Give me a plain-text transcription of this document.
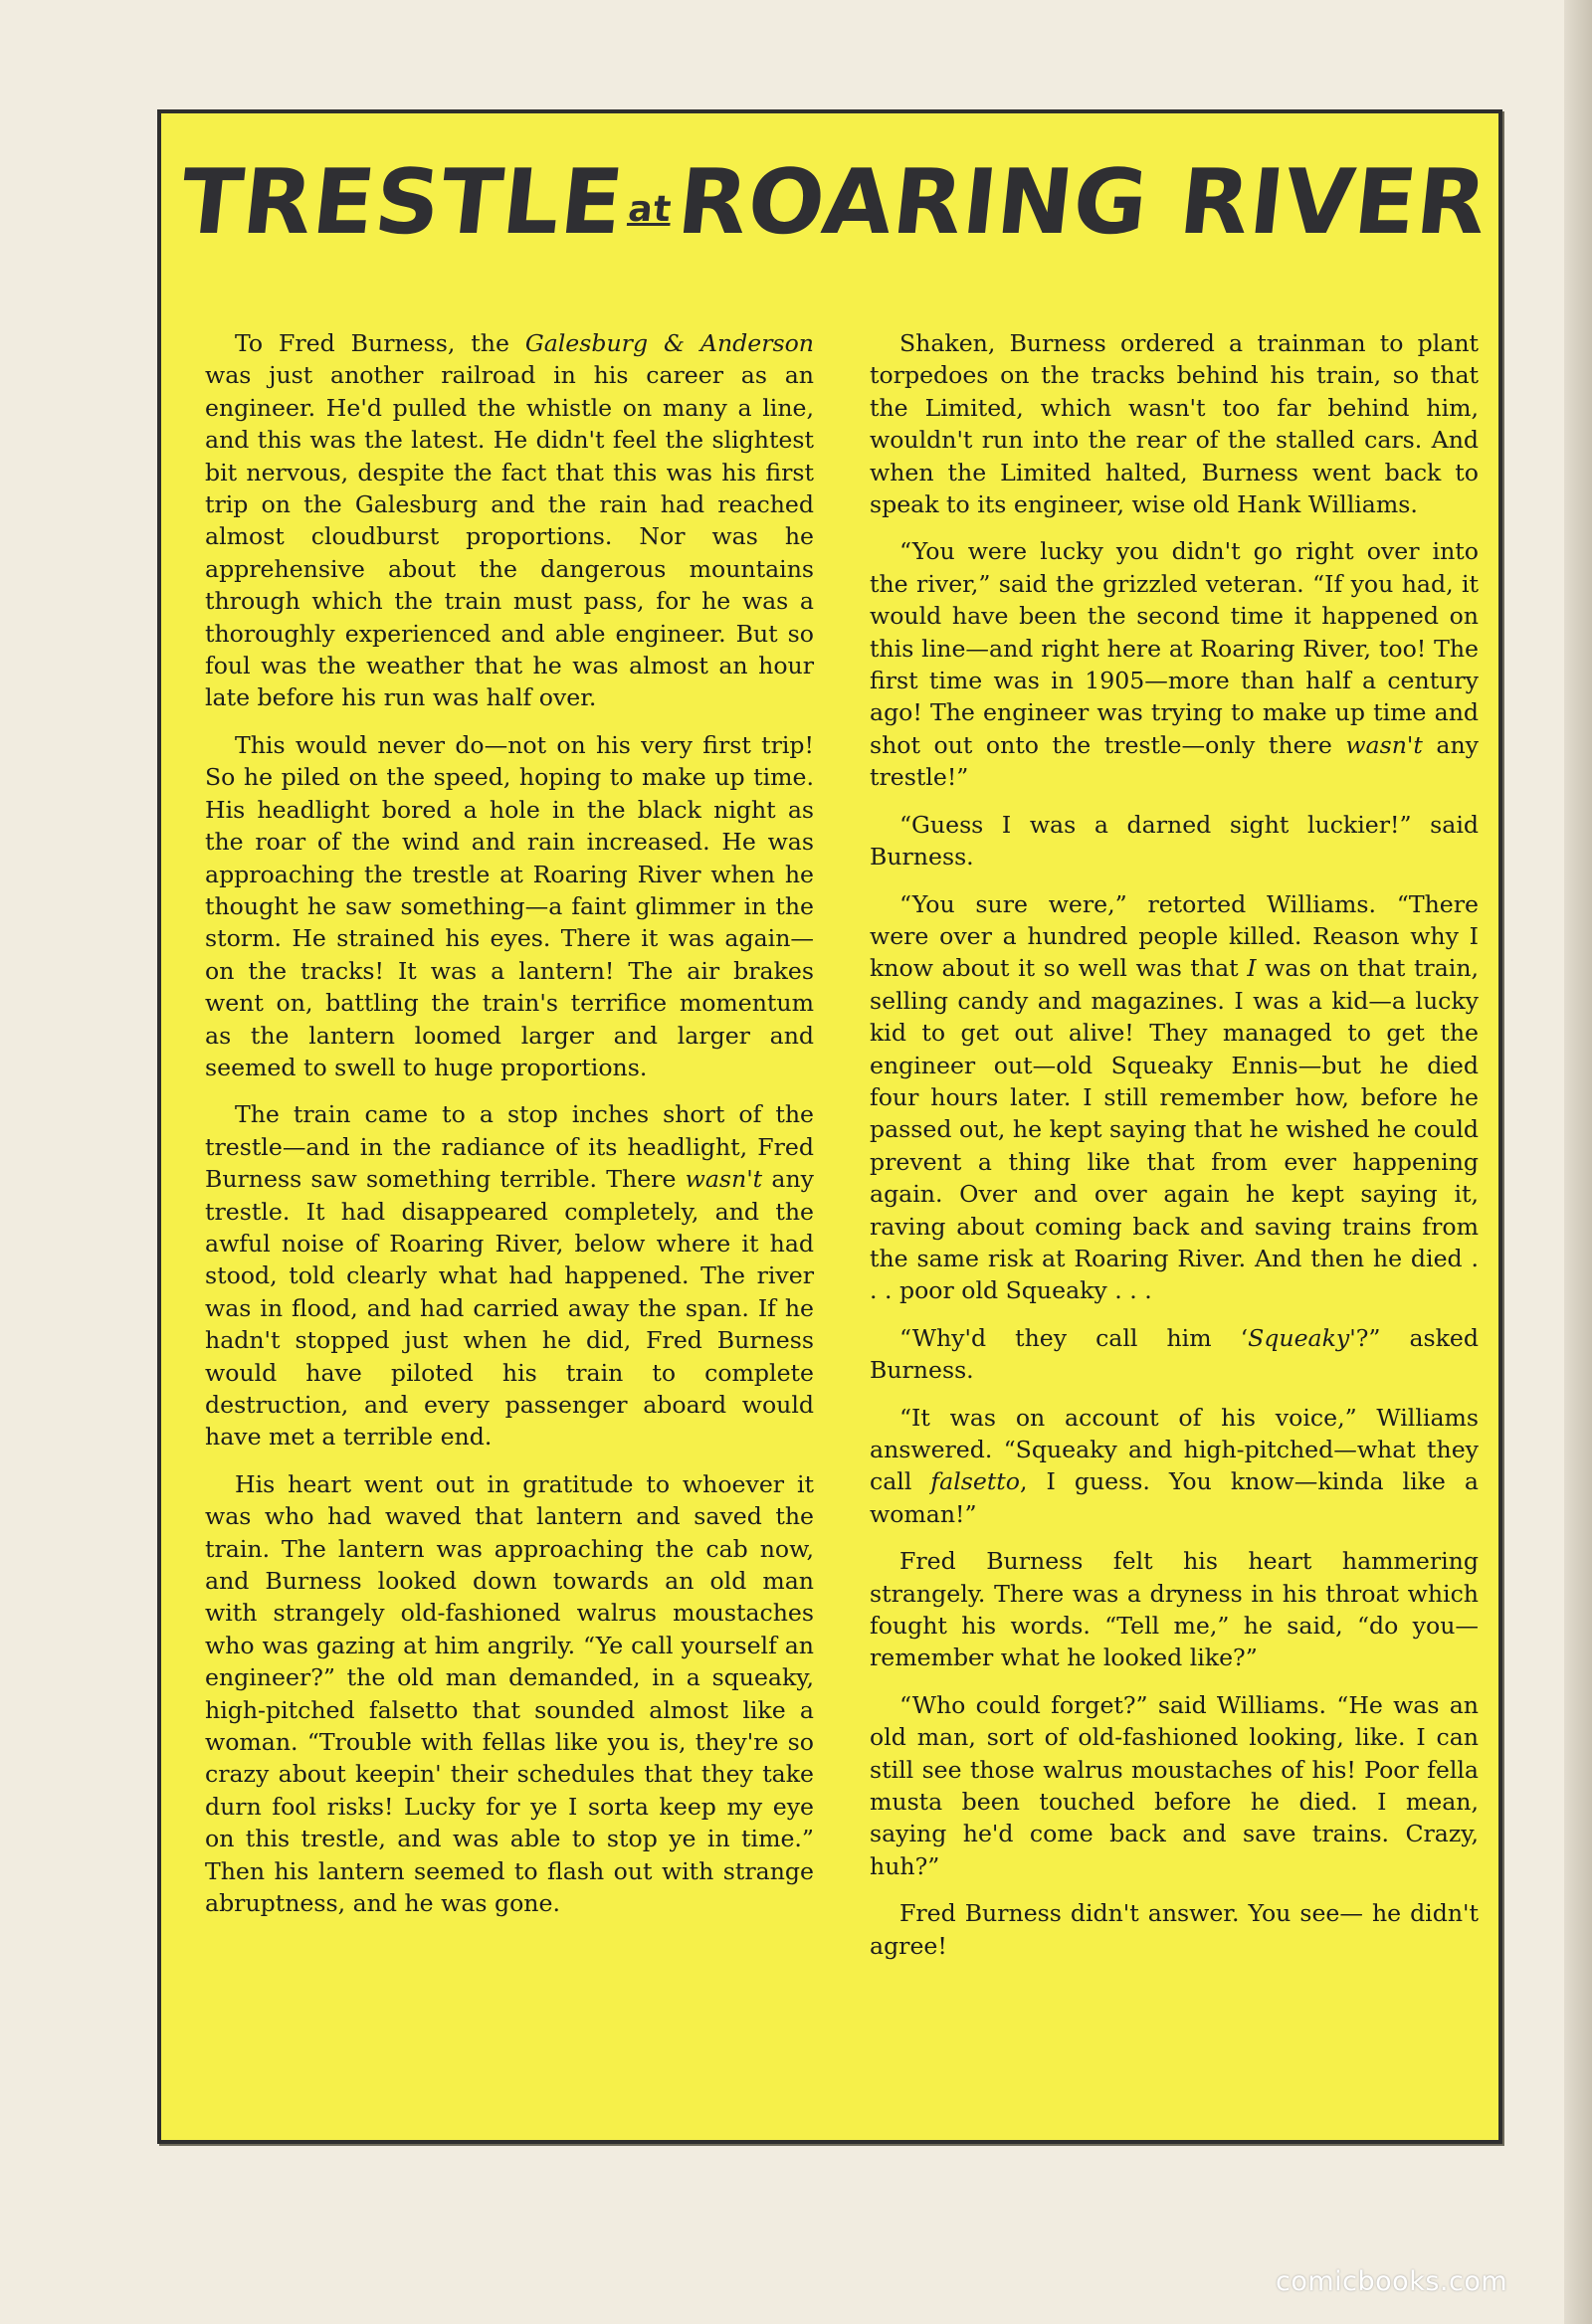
TRESTLEatROARING RIVER

To Fred Burness, the Galesburg & Anderson was just another railroad in his career as an engineer. He'd pulled the whistle on many a line, and this was the latest. He didn't feel the slightest bit nervous, despite the fact that this was his first trip on the Galesburg and the rain had reached almost cloudburst proportions. Nor was he apprehensive about the dangerous mountains through which the train must pass, for he was a thoroughly experienced and able engineer. But so foul was the weather that he was almost an hour late before his run was half over.

This would never do—not on his very first trip! So he piled on the speed, hoping to make up time. His headlight bored a hole in the black night as the roar of the wind and rain increased. He was approaching the trestle at Roaring River when he thought he saw something—a faint glimmer in the storm. He strained his eyes. There it was again—on the tracks! It was a lantern! The air brakes went on, battling the train's terrifice momentum as the lantern loomed larger and larger and seemed to swell to huge proportions.

The train came to a stop inches short of the trestle—and in the radiance of its headlight, Fred Burness saw something terrible. There wasn't any trestle. It had disappeared completely, and the awful noise of Roaring River, below where it had stood, told clearly what had happened. The river was in flood, and had carried away the span. If he hadn't stopped just when he did, Fred Burness would have piloted his train to complete destruction, and every passenger aboard would have met a terrible end.

His heart went out in gratitude to whoever it was who had waved that lantern and saved the train. The lantern was approaching the cab now, and Burness looked down towards an old man with strangely old-fashioned walrus moustaches who was gazing at him angrily. “Ye call yourself an engineer?” the old man demanded, in a squeaky, high-pitched falsetto that sounded almost like a woman. “Trouble with fellas like you is, they're so crazy about keepin' their schedules that they take durn fool risks! Lucky for ye I sorta keep my eye on this trestle, and was able to stop ye in time.” Then his lantern seemed to flash out with strange abruptness, and he was gone.

Shaken, Burness ordered a trainman to plant torpedoes on the tracks behind his train, so that the Limited, which wasn't too far behind him, wouldn't run into the rear of the stalled cars. And when the Limited halted, Burness went back to speak to its engineer, wise old Hank Williams.

“You were lucky you didn't go right over into the river,” said the grizzled veteran. “If you had, it would have been the second time it happened on this line—and right here at Roaring River, too! The first time was in 1905—more than half a century ago! The engineer was trying to make up time and shot out onto the trestle—only there wasn't any trestle!”

“Guess I was a darned sight luckier!” said Burness.

“You sure were,” retorted Williams. “There were over a hundred people killed. Reason why I know about it so well was that I was on that train, selling candy and magazines. I was a kid—a lucky kid to get out alive! They managed to get the engineer out—old Squeaky Ennis—but he died four hours later. I still remember how, before he passed out, he kept saying that he wished he could prevent a thing like that from ever happening again. Over and over again he kept saying it, raving about coming back and saving trains from the same risk at Roaring River. And then he died . . . poor old Squeaky . . .

“Why'd they call him ‘Squeaky'?” asked Burness.

“It was on account of his voice,” Williams answered. “Squeaky and high-pitched—what they call falsetto, I guess. You know—kinda like a woman!”

Fred Burness felt his heart hammering strangely. There was a dryness in his throat which fought his words. “Tell me,” he said, “do you—remember what he looked like?”

“Who could forget?” said Williams. “He was an old man, sort of old-fashioned looking, like. I can still see those walrus moustaches of his! Poor fella musta been touched before he died. I mean, saying he'd come back and save trains. Crazy, huh?”

Fred Burness didn't answer. You see— he didn't agree!

comicbooks.com
